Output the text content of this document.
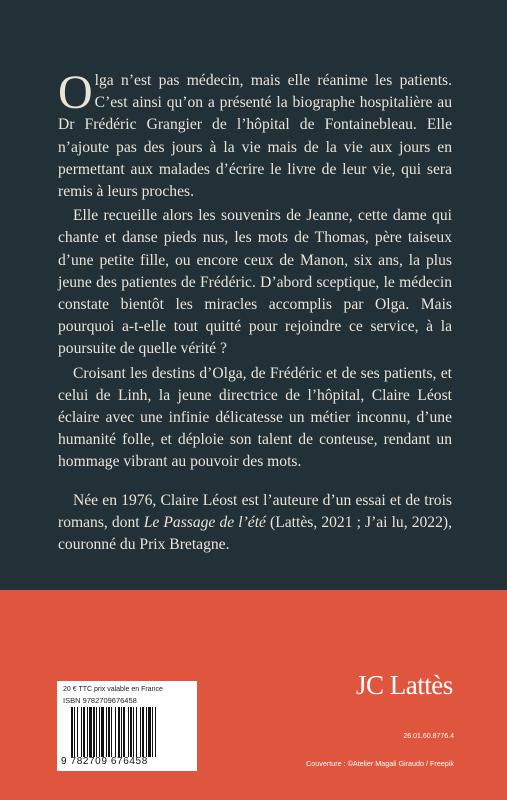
Olga n’est pas médecin, mais elle réanime les patients. C’est ainsi qu’on a présenté la biographe hospitalière au Dr Frédéric Grangier de l’hôpital de Fontainebleau. Elle n’ajoute pas des jours à la vie mais de la vie aux jours en permettant aux malades d’écrire le livre de leur vie, qui sera remis à leurs proches.

Elle recueille alors les souvenirs de Jeanne, cette dame qui chante et danse pieds nus, les mots de Thomas, père taiseux d’une petite fille, ou encore ceux de Manon, six ans, la plus jeune des patientes de Frédéric. D’abord sceptique, le médecin constate bientôt les miracles accomplis par Olga. Mais pourquoi a-t-elle tout quitté pour rejoindre ce service, à la poursuite de quelle vérité ?

Croisant les destins d’Olga, de Frédéric et de ses patients, et celui de Linh, la jeune directrice de l’hôpital, Claire Léost éclaire avec une infinie délicatesse un métier inconnu, d’une humanité folle, et déploie son talent de conteuse, rendant un hommage vibrant au pouvoir des mots.

Née en 1976, Claire Léost est l’auteure d’un essai et de trois romans, dont Le Passage de l’été (Lattès, 2021 ; J’ai lu, 2022), couronné du Prix Bretagne.

20 € TTC prix valable en France
ISBN 9782709676458
9 782709 676458
JC Lattès
26.01.60.8776.4
Couverture : ©Atelier Magali Giraudo / Freepik
